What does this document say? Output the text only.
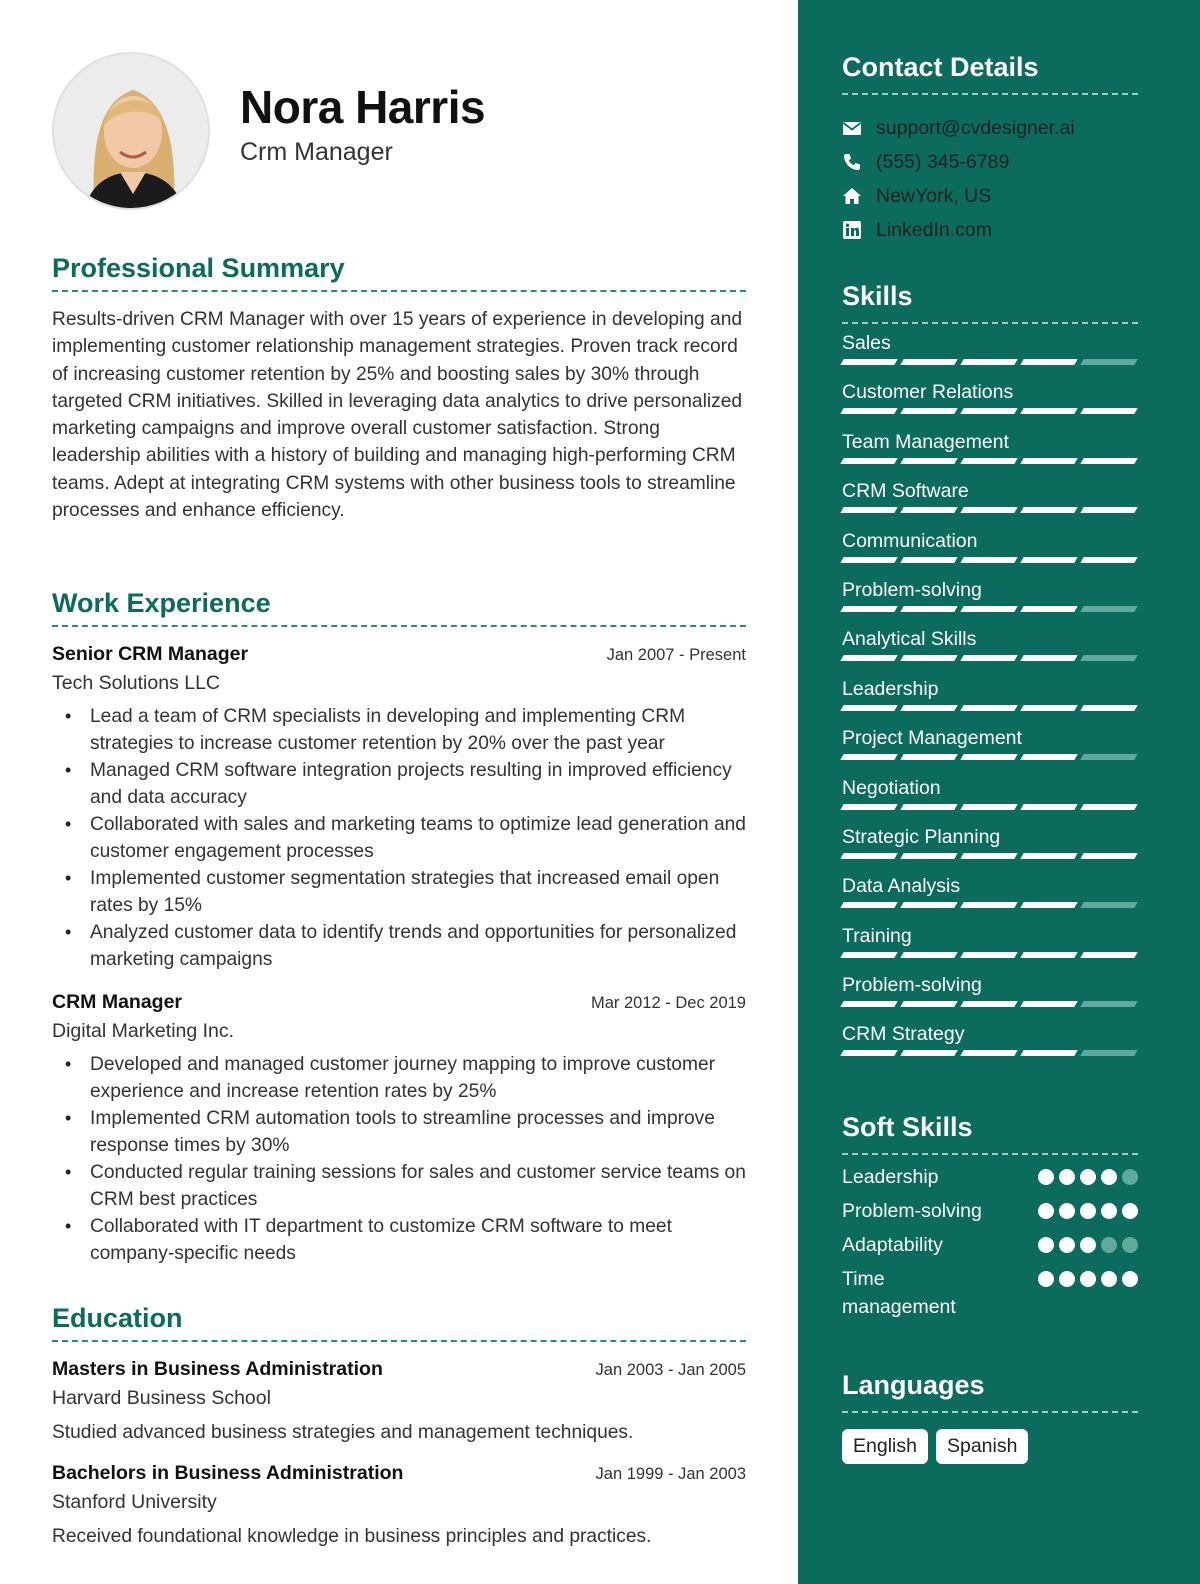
Nora Harris
Crm Manager
Professional Summary
Results-driven CRM Manager with over 15 years of experience in developing and implementing customer relationship management strategies. Proven track record of increasing customer retention by 25% and boosting sales by 30% through targeted CRM initiatives. Skilled in leveraging data analytics to drive personalized marketing campaigns and improve overall customer satisfaction. Strong leadership abilities with a history of building and managing high-performing CRM teams. Adept at integrating CRM systems with other business tools to streamline processes and enhance efficiency.
Work Experience
Senior CRM Manager	Jan 2007 - Present
Tech Solutions LLC
• Lead a team of CRM specialists in developing and implementing CRM strategies to increase customer retention by 20% over the past year
• Managed CRM software integration projects resulting in improved efficiency and data accuracy
• Collaborated with sales and marketing teams to optimize lead generation and customer engagement processes
• Implemented customer segmentation strategies that increased email open rates by 15%
• Analyzed customer data to identify trends and opportunities for personalized marketing campaigns
CRM Manager	Mar 2012 - Dec 2019
Digital Marketing Inc.
• Developed and managed customer journey mapping to improve customer experience and increase retention rates by 25%
• Implemented CRM automation tools to streamline processes and improve response times by 30%
• Conducted regular training sessions for sales and customer service teams on CRM best practices
• Collaborated with IT department to customize CRM software to meet company-specific needs
Education
Masters in Business Administration	Jan 2003 - Jan 2005
Harvard Business School
Studied advanced business strategies and management techniques.
Bachelors in Business Administration	Jan 1999 - Jan 2003
Stanford University
Received foundational knowledge in business principles and practices.
Contact Details
support@cvdesigner.ai
(555) 345-6789
NewYork, US
LinkedIn.com
Skills
Sales
Customer Relations
Team Management
CRM Software
Communication
Problem-solving
Analytical Skills
Leadership
Project Management
Negotiation
Strategic Planning
Data Analysis
Training
Problem-solving
CRM Strategy
Soft Skills
Leadership
Problem-solving
Adaptability
Time management
Languages
English	Spanish
